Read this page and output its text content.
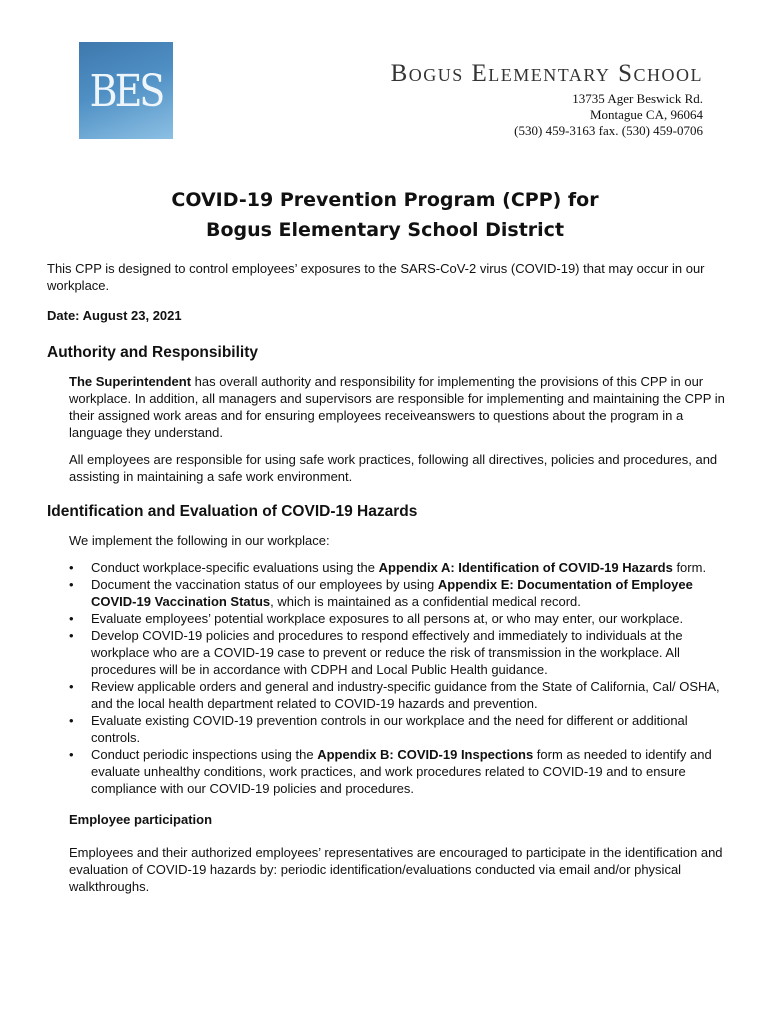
BES	Bogus Elementary School
13735 Ager Beswick Rd.
Montague CA, 96064
(530) 459-3163 fax. (530) 459-0706
COVID-19 Prevention Program (CPP) for
Bogus Elementary School District

This CPP is designed to control employees’ exposures to the SARS-CoV-2 virus (COVID-19) that may occur in our workplace.

Date: August 23, 2021

Authority and Responsibility

The Superintendent has overall authority and responsibility for implementing the provisions of this CPP in our workplace. In addition, all managers and supervisors are responsible for implementing and maintaining the CPP in their assigned work areas and for ensuring employees receiveanswers to questions about the program in a language they understand.

All employees are responsible for using safe work practices, following all directives, policies and procedures, and assisting in maintaining a safe work environment.

Identification and Evaluation of COVID-19 Hazards

We implement the following in our workplace:

• Conduct workplace-specific evaluations using the Appendix A: Identification of COVID-19 Hazards form.
• Document the vaccination status of our employees by using Appendix E: Documentation of Employee COVID-19 Vaccination Status, which is maintained as a confidential medical record.
• Evaluate employees’ potential workplace exposures to all persons at, or who may enter, our workplace.
• Develop COVID-19 policies and procedures to respond effectively and immediately to individuals at the workplace who are a COVID-19 case to prevent or reduce the risk of transmission in the workplace. All procedures will be in accordance with CDPH and Local Public Health guidance.
• Review applicable orders and general and industry-specific guidance from the State of California, Cal/ OSHA, and the local health department related to COVID-19 hazards and prevention.
• Evaluate existing COVID-19 prevention controls in our workplace and the need for different or additional controls.
• Conduct periodic inspections using the Appendix B: COVID-19 Inspections form as needed to identify and evaluate unhealthy conditions, work practices, and work procedures related to COVID-19 and to ensure compliance with our COVID-19 policies and procedures.

Employee participation

Employees and their authorized employees’ representatives are encouraged to participate in the identification and evaluation of COVID-19 hazards by: periodic identification/evaluations conducted via email and/or physical walkthroughs.
